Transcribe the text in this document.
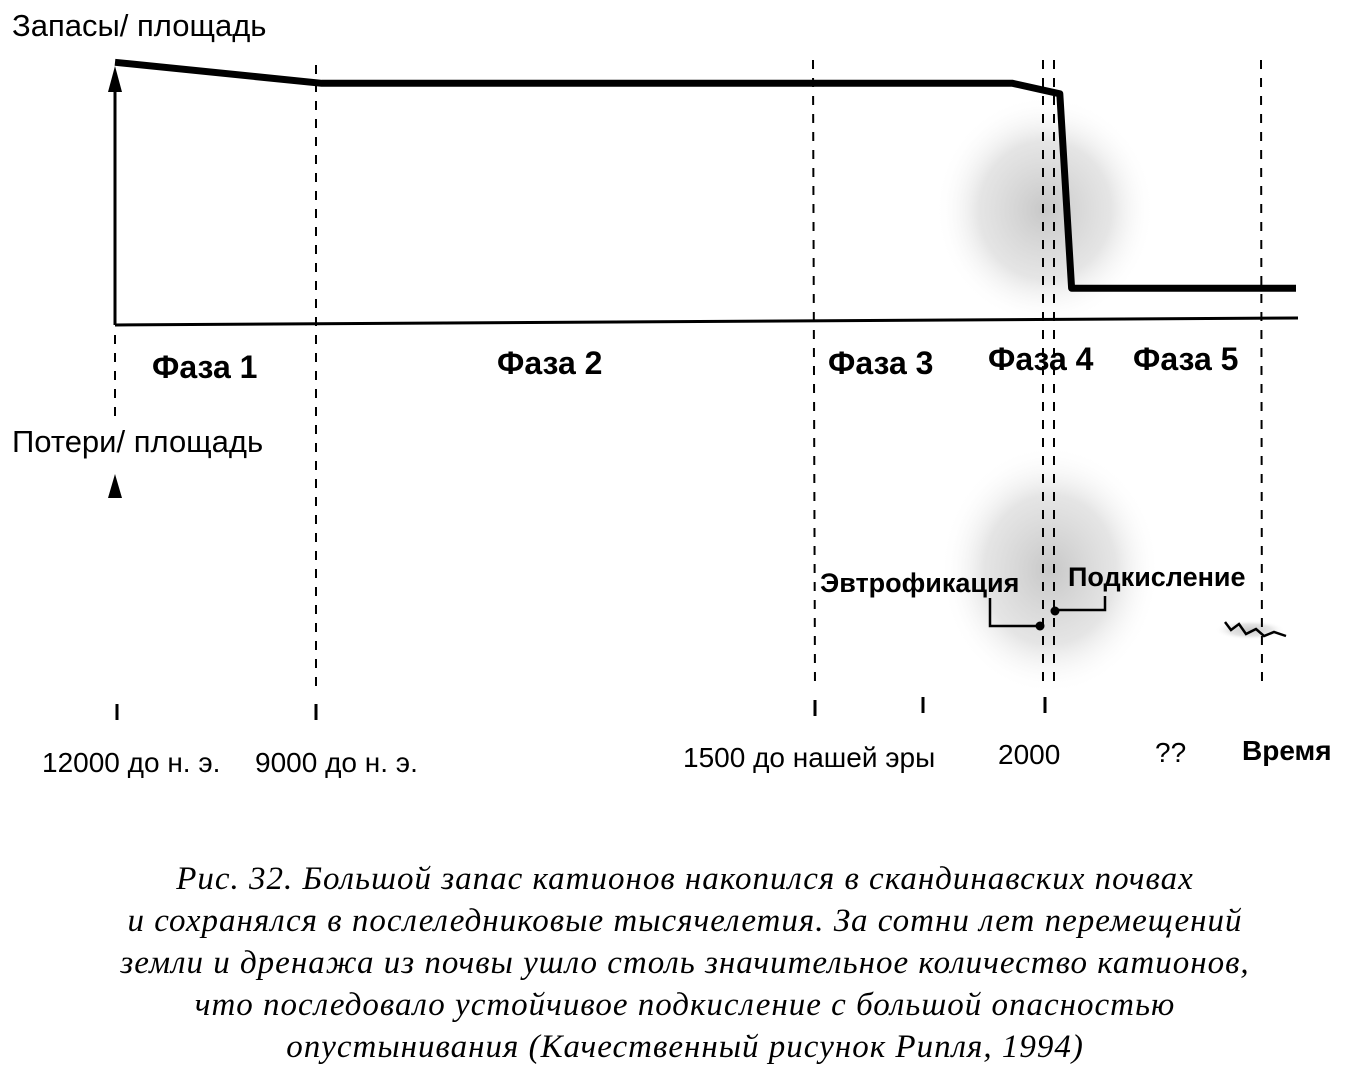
Запасы/ площадь
Потери/ площадь
Время
Фаза 1	Фаза 2	Фаза 3 Фаза 4 Фаза 5
12000 до н. э. 9000 до н. э.	1500 до нашей эры 2000	??
Эвтрофикация Подкисление
Рис. 32. Большой запас катионов накопился в скандинавских почвах
и сохранялся в послеледниковые тысячелетия. За сотни лет перемещений
земли и дренажа из почвы ушло столь значительное количество катионов,
что последовало устойчивое подкисление с большой опасностью
опустынивания (Качественный рисунок Рипля, 1994)
